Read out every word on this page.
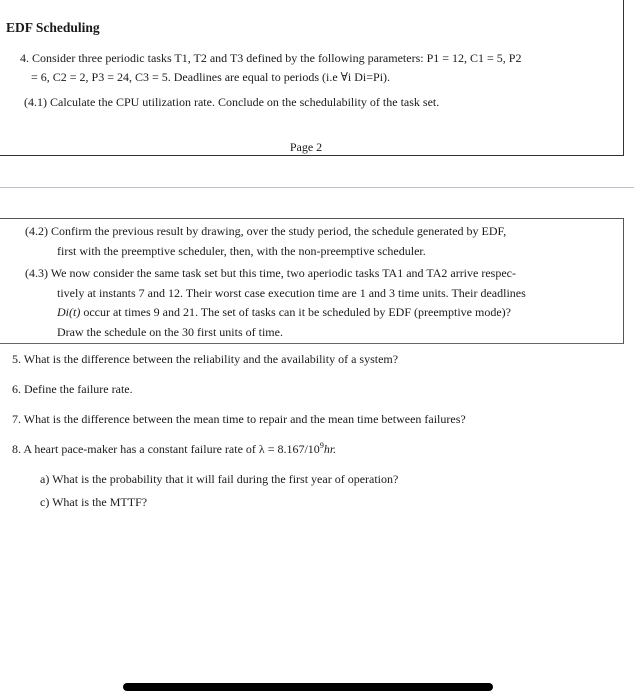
EDF Scheduling
4. Consider three periodic tasks T1, T2 and T3 defined by the following parameters: P1 = 12, C1 = 5, P2
= 6, C2 = 2, P3 = 24, C3 = 5. Deadlines are equal to periods (i.e ∀i Di=Pi).
(4.1) Calculate the CPU utilization rate. Conclude on the schedulability of the task set.
Page 2
(4.2) Confirm the previous result by drawing, over the study period, the schedule generated by EDF,
first with the preemptive scheduler, then, with the non-preemptive scheduler.
(4.3) We now consider the same task set but this time, two aperiodic tasks TA1 and TA2 arrive respec-
tively at instants 7 and 12. Their worst case execution time are 1 and 3 time units. Their deadlines
Di(t) occur at times 9 and 21. The set of tasks can it be scheduled by EDF (preemptive mode)?
Draw the schedule on the 30 first units of time.
5. What is the difference between the reliability and the availability of a system?
6. Define the failure rate.
7. What is the difference between the mean time to repair and the mean time between failures?
8. A heart pace-maker has a constant failure rate of $\lambda = 8.167/10^9hr$.
a) What is the probability that it will fail during the first year of operation?
c) What is the MTTF?
